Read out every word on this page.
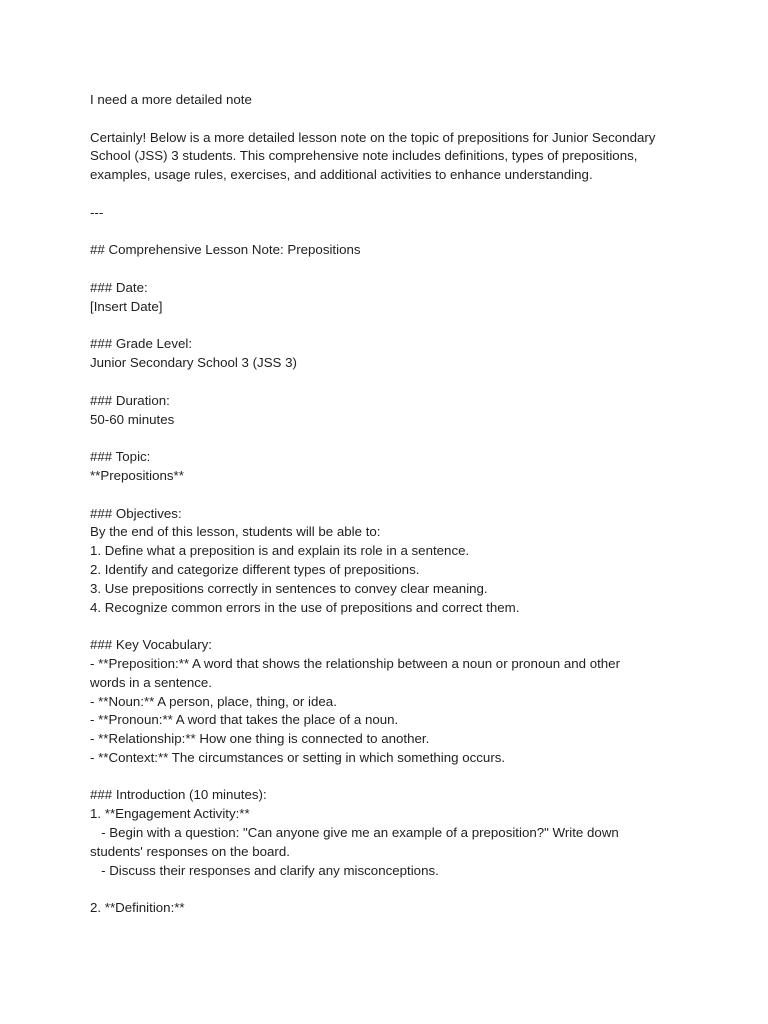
I need a more detailed note
Certainly! Below is a more detailed lesson note on the topic of prepositions for Junior Secondary
School (JSS) 3 students. This comprehensive note includes definitions, types of prepositions,
examples, usage rules, exercises, and additional activities to enhance understanding.
---
## Comprehensive Lesson Note: Prepositions
### Date:
[Insert Date]
### Grade Level:
Junior Secondary School 3 (JSS 3)
### Duration:
50-60 minutes
### Topic:
**Prepositions**
### Objectives:
By the end of this lesson, students will be able to:
1. Define what a preposition is and explain its role in a sentence.
2. Identify and categorize different types of prepositions.
3. Use prepositions correctly in sentences to convey clear meaning.
4. Recognize common errors in the use of prepositions and correct them.
### Key Vocabulary:
- **Preposition:** A word that shows the relationship between a noun or pronoun and other
words in a sentence.
- **Noun:** A person, place, thing, or idea.
- **Pronoun:** A word that takes the place of a noun.
- **Relationship:** How one thing is connected to another.
- **Context:** The circumstances or setting in which something occurs.
### Introduction (10 minutes):
1. **Engagement Activity:**
- Begin with a question: "Can anyone give me an example of a preposition?" Write down
students' responses on the board.
- Discuss their responses and clarify any misconceptions.
2. **Definition:**
